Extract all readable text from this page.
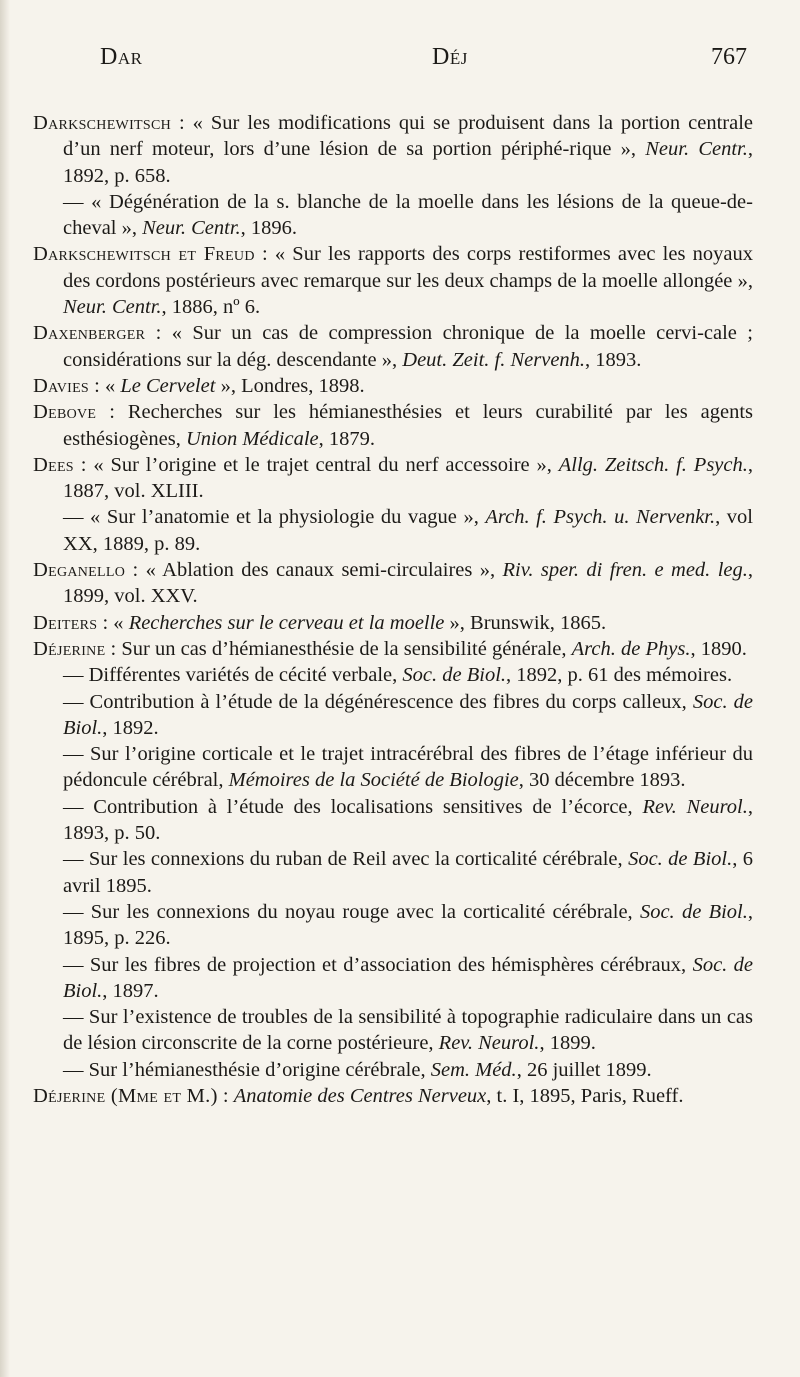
Dar	Déj	767

Darkschewitsch : « Sur les modifications qui se produisent dans la portion centrale d’un nerf moteur, lors d’une lésion de sa portion périphé-rique », Neur. Centr., 1892, p. 658.

— « Dégénération de la s. blanche de la moelle dans les lésions de la queue-de-cheval », Neur. Centr., 1896.

Darkschewitsch et Freud : « Sur les rapports des corps restiformes avec les noyaux des cordons postérieurs avec remarque sur les deux champs de la moelle allongée », Neur. Centr., 1886, nº 6.

Daxenberger : « Sur un cas de compression chronique de la moelle cervi-cale ; considérations sur la dég. descendante », Deut. Zeit. f. Nervenh., 1893.

Davies : « Le Cervelet », Londres, 1898.

Debove : Recherches sur les hémianesthésies et leurs curabilité par les agents esthésiogènes, Union Médicale, 1879.

Dees : « Sur l’origine et le trajet central du nerf accessoire », Allg. Zeitsch. f. Psych., 1887, vol. XLIII.

— « Sur l’anatomie et la physiologie du vague », Arch. f. Psych. u. Nervenkr., vol XX, 1889, p. 89.

Deganello : « Ablation des canaux semi-circulaires », Riv. sper. di fren. e med. leg., 1899, vol. XXV.

Deiters : « Recherches sur le cerveau et la moelle », Brunswik, 1865.

Déjerine : Sur un cas d’hémianesthésie de la sensibilité générale, Arch. de Phys., 1890.

— Différentes variétés de cécité verbale, Soc. de Biol., 1892, p. 61 des mémoires.

— Contribution à l’étude de la dégénérescence des fibres du corps calleux, Soc. de Biol., 1892.

— Sur l’origine corticale et le trajet intracérébral des fibres de l’étage inférieur du pédoncule cérébral, Mémoires de la Société de Biologie, 30 décembre 1893.

— Contribution à l’étude des localisations sensitives de l’écorce, Rev. Neurol., 1893, p. 50.

— Sur les connexions du ruban de Reil avec la corticalité cérébrale, Soc. de Biol., 6 avril 1895.

— Sur les connexions du noyau rouge avec la corticalité cérébrale, Soc. de Biol., 1895, p. 226.

— Sur les fibres de projection et d’association des hémisphères cérébraux, Soc. de Biol., 1897.

— Sur l’existence de troubles de la sensibilité à topographie radiculaire dans un cas de lésion circonscrite de la corne postérieure, Rev. Neurol., 1899.

— Sur l’hémianesthésie d’origine cérébrale, Sem. Méd., 26 juillet 1899.

Déjerine (Mme et M.) : Anatomie des Centres Nerveux, t. I, 1895, Paris, Rueff.
